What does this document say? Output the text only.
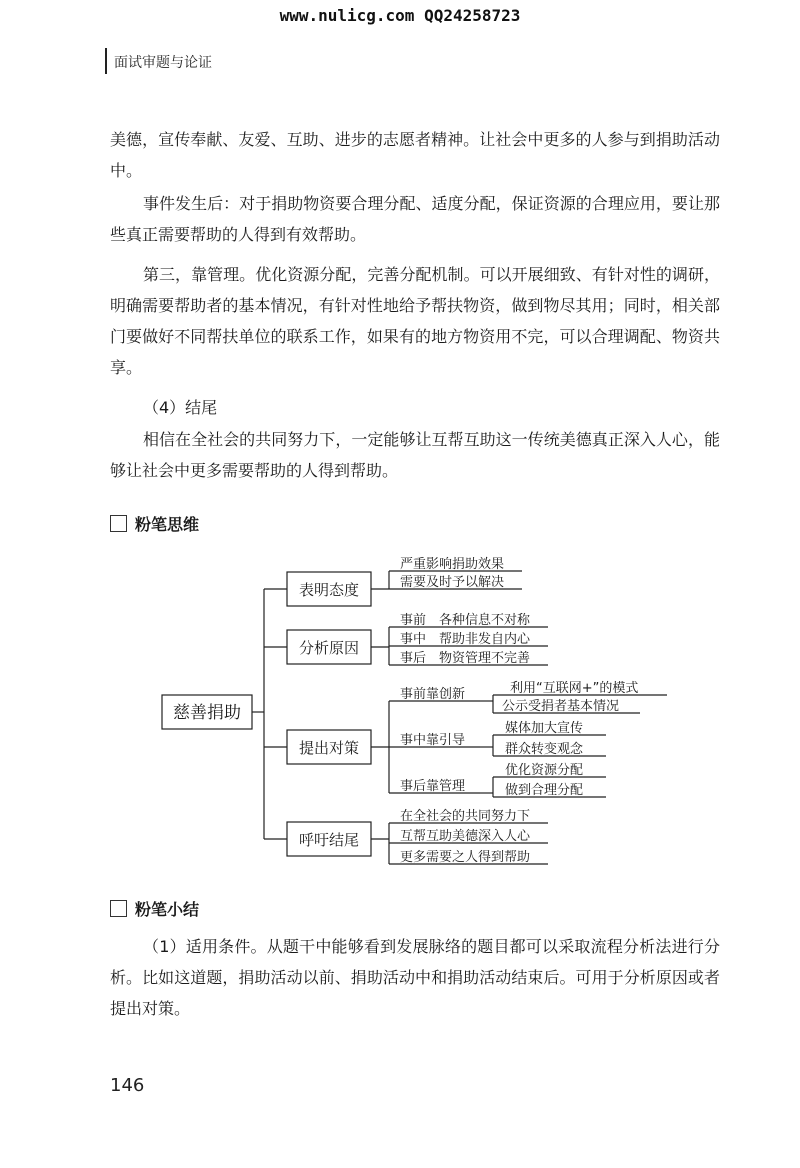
www.nulicg.com QQ24258723
面试审题与论证
美德，宣传奉献、友爱、互助、进步的志愿者精神。让社会中更多的人参与到捐助活动中。
事件发生后：对于捐助物资要合理分配、适度分配，保证资源的合理应用，要让那些真正需要帮助的人得到有效帮助。
第三，靠管理。优化资源分配，完善分配机制。可以开展细致、有针对性的调研，明确需要帮助者的基本情况，有针对性地给予帮扶物资，做到物尽其用；同时，相关部门要做好不同帮扶单位的联系工作，如果有的地方物资用不完，可以合理调配、物资共享。
（4）结尾
相信在全社会的共同努力下，一定能够让互帮互助这一传统美德真正深入人心，能够让社会中更多需要帮助的人得到帮助。
粉笔思维
慈善捐助
表明态度
分析原因
提出对策
呼吁结尾
严重影响捐助效果
需要及时予以解决
事前　各种信息不对称
事中　帮助非发自内心
事后　物资管理不完善
事前靠创新
事中靠引导
事后靠管理
利用“互联网+”的模式
公示受捐者基本情况
媒体加大宣传
群众转变观念
优化资源分配
做到合理分配
在全社会的共同努力下
互帮互助美德深入人心
更多需要之人得到帮助
粉笔小结
（1）适用条件。从题干中能够看到发展脉络的题目都可以采取流程分析法进行分析。比如这道题，捐助活动以前、捐助活动中和捐助活动结束后。可用于分析原因或者提出对策。
146
